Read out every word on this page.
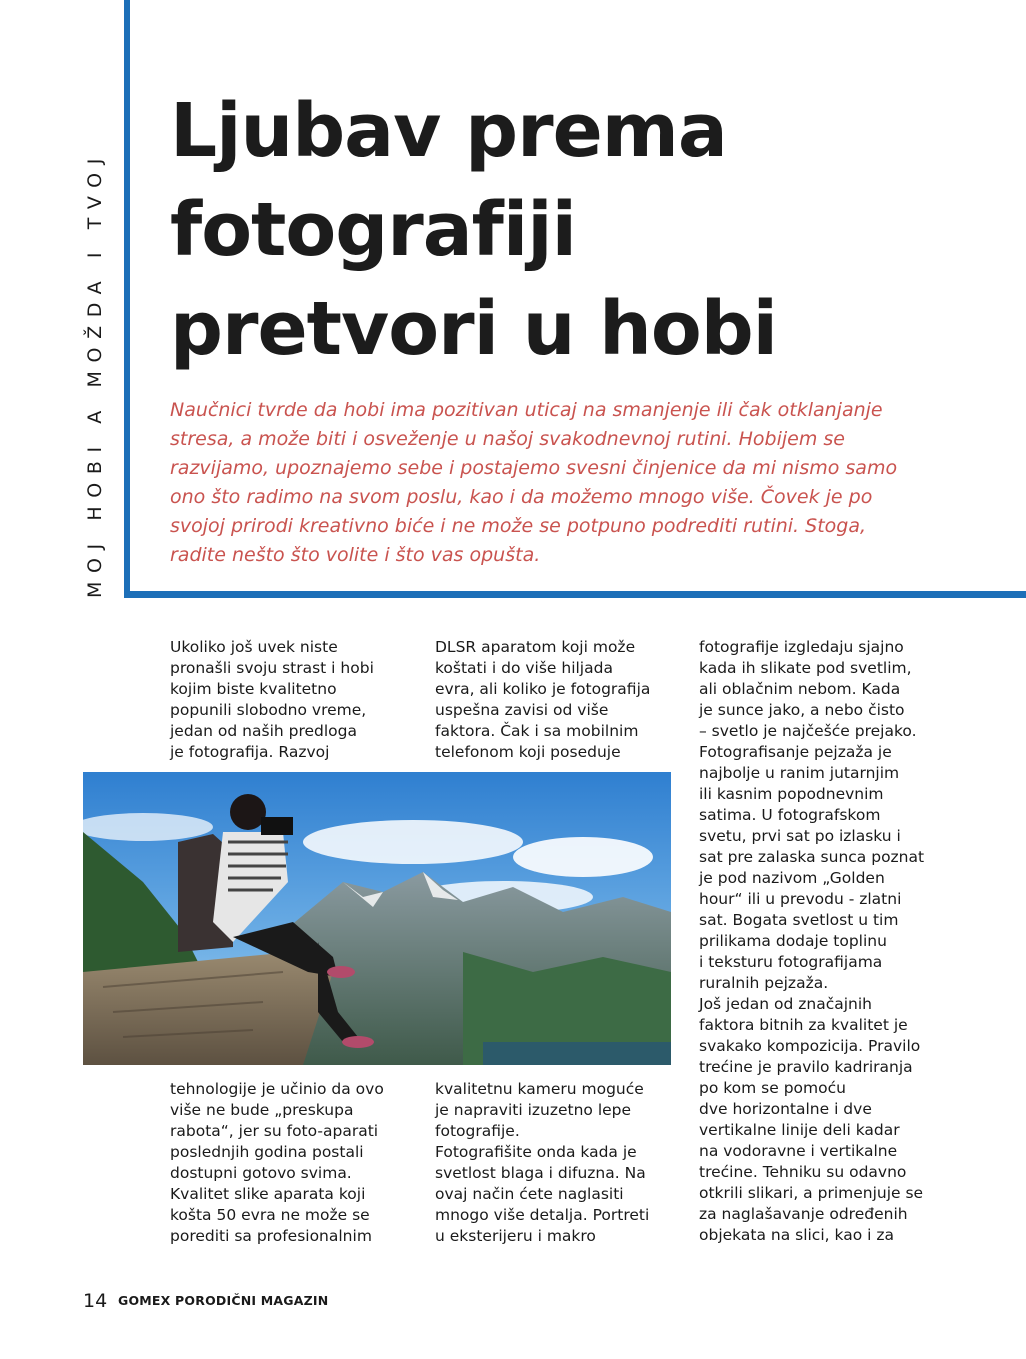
MOJ HOBI A MOŽDA I TVOJ
Ljubav prema
fotografiji
pretvori u hobi

Naučnici tvrde da hobi ima pozitivan uticaj na smanjenje ili čak otklanjanje
stresa, a može biti i osveženje u našoj svakodnevnoj rutini. Hobijem se
razvijamo, upoznajemo sebe i postajemo svesni činjenice da mi nismo samo
ono što radimo na svom poslu, kao i da možemo mnogo više. Čovek je po
svojoj prirodi kreativno biće i ne može se potpuno podrediti rutini. Stoga,
radite nešto što volite i što vas opušta.

Ukoliko još uvek niste
pronašli svoju strast i hobi
kojim biste kvalitetno
popunili slobodno vreme,
jedan od naših predloga
je fotografija. Razvoj

DLSR aparatom koji može
koštati i do više hiljada
evra, ali koliko je fotografija
uspešna zavisi od više
faktora. Čak i sa mobilnim
telefonom koji poseduje

tehnologije je učinio da ovo
više ne bude „preskupa
rabota“, jer su foto-aparati
poslednjih godina postali
dostupni gotovo svima.
Kvalitet slike aparata koji
košta 50 evra ne može se
porediti sa profesionalnim

kvalitetnu kameru moguće
je napraviti izuzetno lepe
fotografije.
Fotografišite onda kada je
svetlost blaga i difuzna. Na
ovaj način ćete naglasiti
mnogo više detalja. Portreti
u eksterijeru i makro

fotografije izgledaju sjajno
kada ih slikate pod svetlim,
ali oblačnim nebom. Kada
je sunce jako, a nebo čisto
– svetlo je najčešće prejako.
Fotografisanje pejzaža je
najbolje u ranim jutarnjim
ili kasnim popodnevnim
satima. U fotografskom
svetu, prvi sat po izlasku i
sat pre zalaska sunca poznat
je pod nazivom „Golden
hour“ ili u prevodu - zlatni
sat. Bogata svetlost u tim
prilikama dodaje toplinu
i teksturu fotografijama
ruralnih pejzaža.
Još jedan od značajnih
faktora bitnih za kvalitet je
svakako kompozicija. Pravilo
trećine je pravilo kadriranja
po kom se pomoću
dve horizontalne i dve
vertikalne linije deli kadar
na vodoravne i vertikalne
trećine. Tehniku su odavno
otkrili slikari, a primenjuje se
za naglašavanje određenih
objekata na slici, kao i za

14 GOMEX PORODIČNI MAGAZIN
